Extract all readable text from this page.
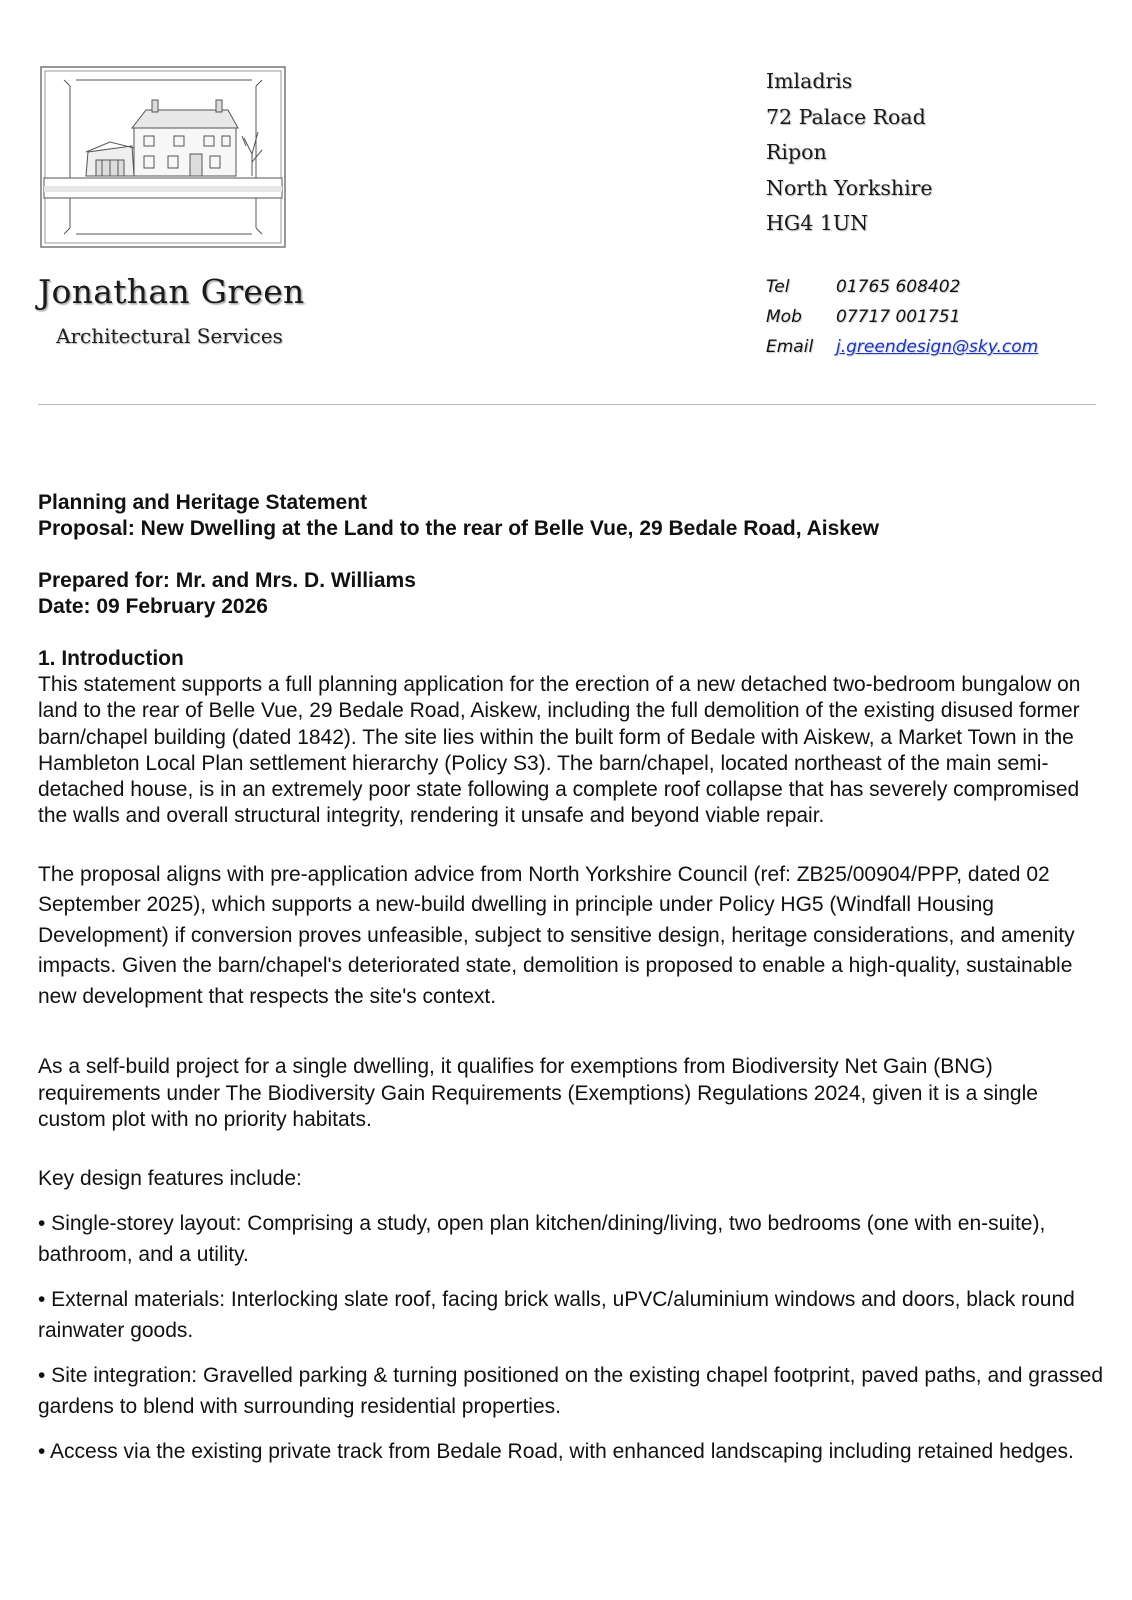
Jonathan Green
Architectural Services
Imladris
72 Palace Road
Ripon
North Yorkshire
HG4 1UN
Tel	01765 608402
Mob	07717 001751
Email	j.greendesign@sky.com

Planning and Heritage Statement

Proposal: New Dwelling at the Land to the rear of Belle Vue, 29 Bedale Road, Aiskew

Prepared for: Mr. and Mrs. D. Williams

Date: 09 February 2026

1. Introduction

This statement supports a full planning application for the erection of a new detached two-bedroom bungalow on land to the rear of Belle Vue, 29 Bedale Road, Aiskew, including the full demolition of the existing disused former barn/chapel building (dated 1842). The site lies within the built form of Bedale with Aiskew, a Market Town in the Hambleton Local Plan settlement hierarchy (Policy S3). The barn/chapel, located northeast of the main semi-detached house, is in an extremely poor state following a complete roof collapse that has severely compromised the walls and overall structural integrity, rendering it unsafe and beyond viable repair.

The proposal aligns with pre-application advice from North Yorkshire Council (ref: ZB25/00904/PPP, dated 02 September 2025), which supports a new-build dwelling in principle under Policy HG5 (Windfall Housing Development) if conversion proves unfeasible, subject to sensitive design, heritage considerations, and amenity impacts. Given the barn/chapel's deteriorated state, demolition is proposed to enable a high-quality, sustainable new development that respects the site's context.

As a self-build project for a single dwelling, it qualifies for exemptions from Biodiversity Net Gain (BNG) requirements under The Biodiversity Gain Requirements (Exemptions) Regulations 2024, given it is a single custom plot with no priority habitats.

Key design features include:

• Single-storey layout: Comprising a study, open plan kitchen/dining/living, two bedrooms (one with en-suite), bathroom, and a utility.

• External materials: Interlocking slate roof, facing brick walls, uPVC/aluminium windows and doors, black round rainwater goods.

• Site integration: Gravelled parking & turning positioned on the existing chapel footprint, paved paths, and grassed gardens to blend with surrounding residential properties.

• Access via the existing private track from Bedale Road, with enhanced landscaping including retained hedges.
